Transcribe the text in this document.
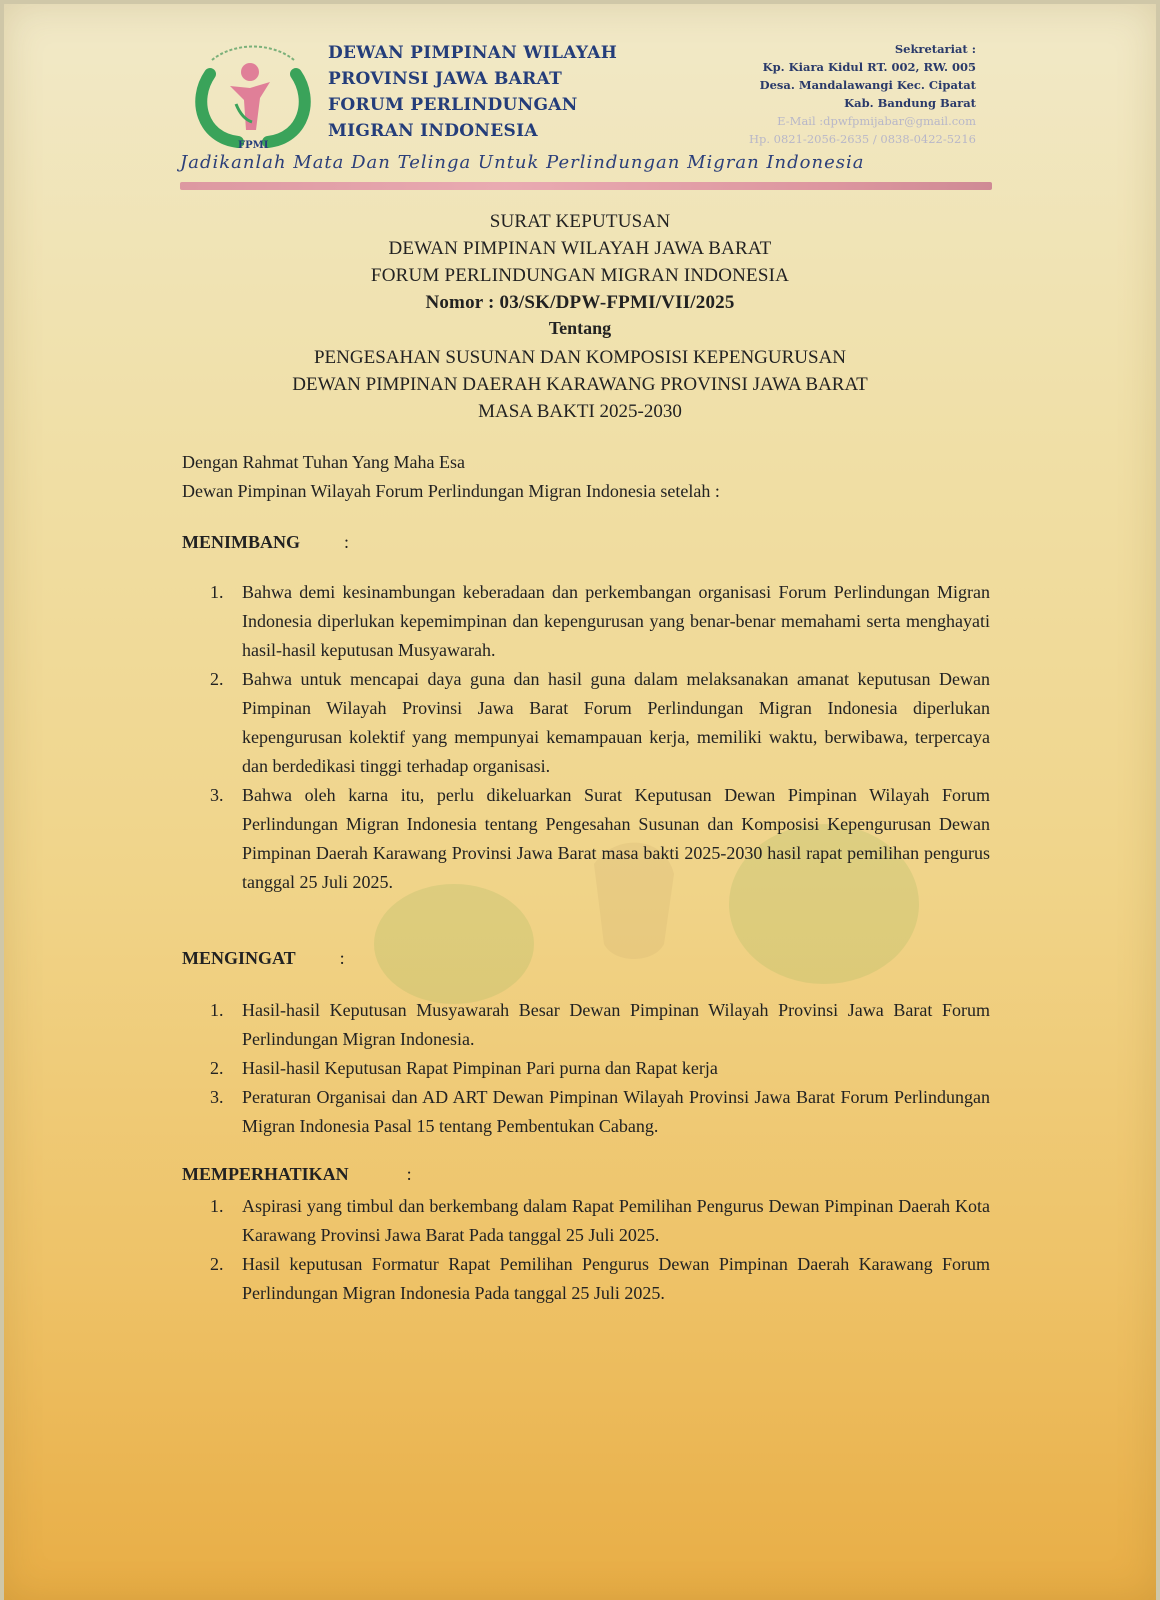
FPMI
DEWAN PIMPINAN WILAYAH
PROVINSI JAWA BARAT
FORUM PERLINDUNGAN
MIGRAN INDONESIA
Sekretariat :
Kp. Kiara Kidul RT. 002, RW. 005
Desa. Mandalawangi Kec. Cipatat
Kab. Bandung Barat
E-Mail :dpwfpmijabar@gmail.com
Hp. 0821-2056-2635 / 0838-0422-5216
Jadikanlah Mata Dan Telinga Untuk Perlindungan Migran Indonesia
SURAT KEPUTUSAN
DEWAN PIMPINAN WILAYAH JAWA BARAT
FORUM PERLINDUNGAN MIGRAN INDONESIA
Nomor : 03/SK/DPW-FPMI/VII/2025
Tentang
PENGESAHAN SUSUNAN DAN KOMPOSISI KEPENGURUSAN
DEWAN PIMPINAN DAERAH KARAWANG PROVINSI JAWA BARAT
MASA BAKTI 2025-2030
Dengan Rahmat Tuhan Yang Maha Esa
Dewan Pimpinan Wilayah Forum Perlindungan Migran Indonesia setelah :
MENIMBANG :
1. Bahwa demi kesinambungan keberadaan dan perkembangan organisasi Forum Perlindungan Migran Indonesia diperlukan kepemimpinan dan kepengurusan yang benar-benar memahami serta menghayati hasil-hasil keputusan Musyawarah.
2. Bahwa untuk mencapai daya guna dan hasil guna dalam melaksanakan amanat keputusan Dewan Pimpinan Wilayah Provinsi Jawa Barat Forum Perlindungan Migran Indonesia diperlukan kepengurusan kolektif yang mempunyai kemampauan kerja, memiliki waktu, berwibawa, terpercaya dan berdedikasi tinggi terhadap organisasi.
3. Bahwa oleh karna itu, perlu dikeluarkan Surat Keputusan Dewan Pimpinan Wilayah Forum Perlindungan Migran Indonesia tentang Pengesahan Susunan dan Komposisi Kepengurusan Dewan Pimpinan Daerah Karawang Provinsi Jawa Barat masa bakti 2025-2030 hasil rapat pemilihan pengurus tanggal 25 Juli 2025.
MENGINGAT :
1. Hasil-hasil Keputusan Musyawarah Besar Dewan Pimpinan Wilayah Provinsi Jawa Barat Forum Perlindungan Migran Indonesia.
2. Hasil-hasil Keputusan Rapat Pimpinan Pari purna dan Rapat kerja
3. Peraturan Organisai dan AD ART Dewan Pimpinan Wilayah Provinsi Jawa Barat Forum Perlindungan Migran Indonesia Pasal 15 tentang Pembentukan Cabang.
MEMPERHATIKAN	:
1. Aspirasi yang timbul dan berkembang dalam Rapat Pemilihan Pengurus Dewan Pimpinan Daerah Kota Karawang Provinsi Jawa Barat Pada tanggal 25 Juli 2025.
2. Hasil keputusan Formatur Rapat Pemilihan Pengurus Dewan Pimpinan Daerah Karawang Forum Perlindungan Migran Indonesia Pada tanggal 25 Juli 2025.
